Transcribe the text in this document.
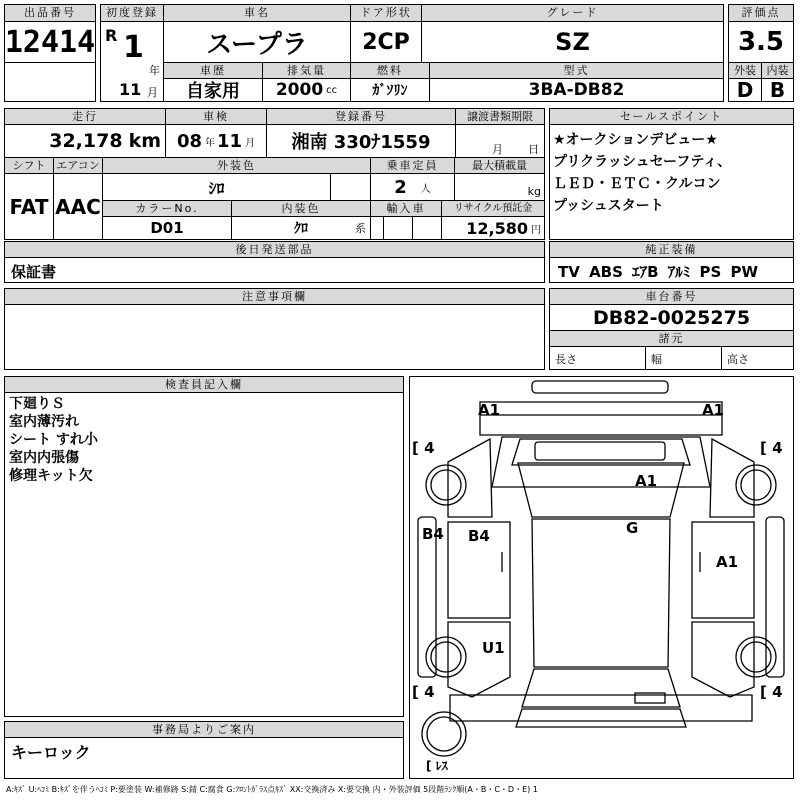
出品番号
12414
初度登録
R 1
年
11 月
車名
スープラ
ドア形状
2CP
グレード
SZ
評価点
3.5
外装 内装
D B
車歴
自家用
排気量
2000 cc
燃料
ｶﾞｿﾘﾝ
型式
3BA-DB82
走行
32,178 km
車検
08 年 11 月
登録番号
湘南 330ﾅ1559
譲渡書類期限
月 日
シフト
FAT
エアコン
AAC
外装色
ｼﾛ
乗車定員
2 人
最大積載量
kg
カラーNo.
D01
内装色
ｸﾛ	系
輸入車	リサイクル預託金
12,580 円
セールスポイント
★オークションデビュー★
プリクラッシュセーフティ、
ＬＥＤ・ＥＴＣ・クルコン
プッシュスタート
後日発送部品
保証書
純正装備
TV ABS ｴｱB ｱﾙﾐ PS PW
注意事項欄	車台番号
DB82-0025275
諸元
長さ	幅	高さ
検査員記入欄
下廻りＳ
室内薄汚れ
シート すれ小
室内内張傷
修理キット欠
事務局よりご案内
キーロック
A1	A1
A1
G
B4 B4
A1
U1
[ 4	[ 4
[ 4	[ 4
[ ﾚｽ
A:ｷｽﾞ U:ﾍｺﾐ B:ｷｽﾞを伴うﾍｺﾐ P:要塗装 W:補修跡 S:錆 C:腐食 G:ﾌﾛﾝﾄｶﾞﾗｽ点ｷｽﾞ XX:交換済み X:要交換 内・外装評価 5段階ﾗﾝｸ順(A・B・C・D・E) 1
